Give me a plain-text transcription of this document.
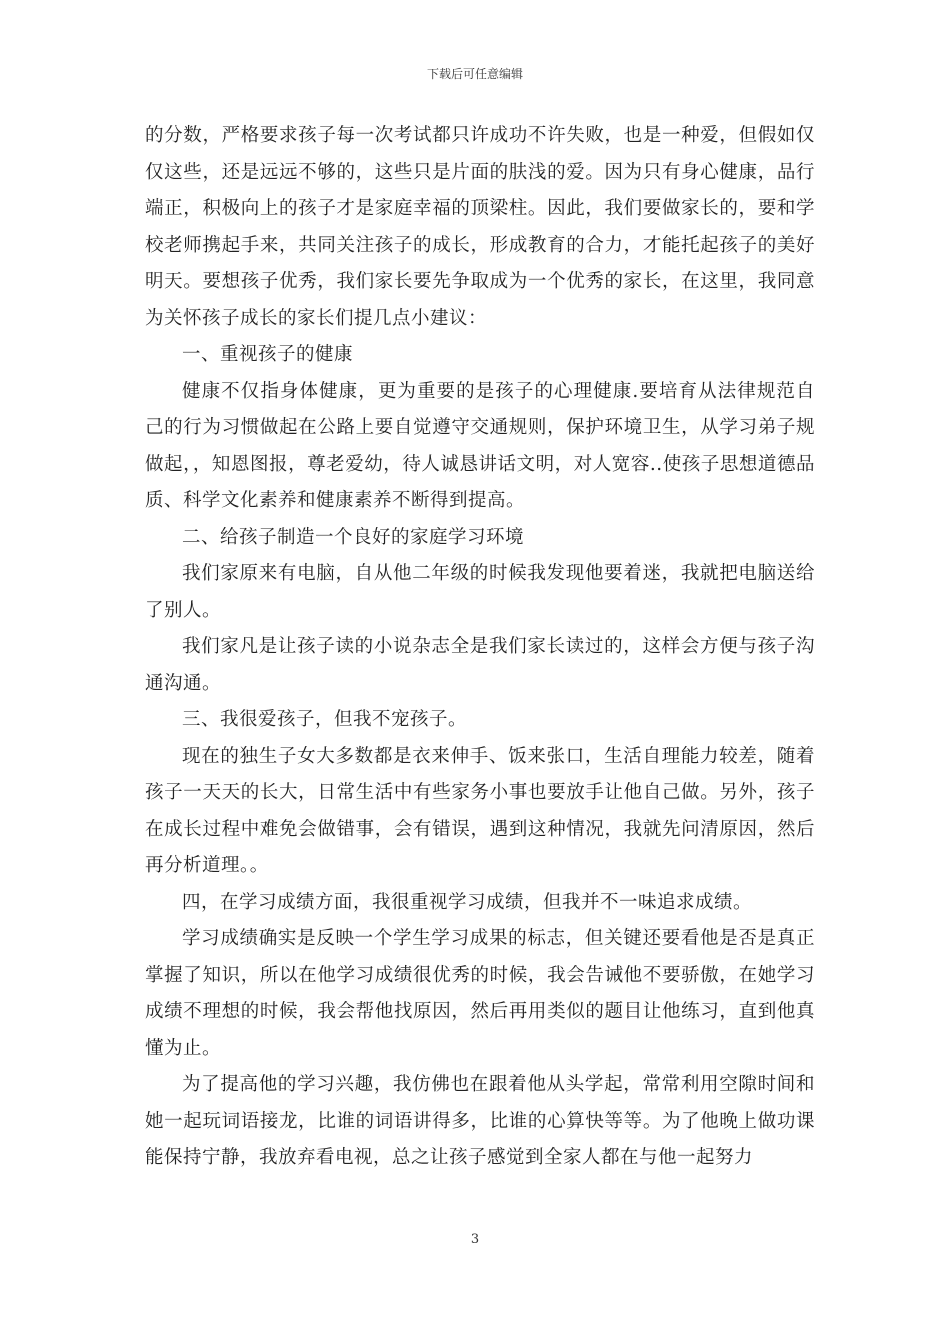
下载后可任意编辑

的分数，严格要求孩子每一次考试都只许成功不许失败，也是一种爱，但假如仅仅这些，还是远远不够的，这些只是片面的肤浅的爱。因为只有身心健康，品行端正，积极向上的孩子才是家庭幸福的顶梁柱。因此，我们要做家长的，要和学校老师携起手来，共同关注孩子的成长，形成教育的合力，才能托起孩子的美好明天。要想孩子优秀，我们家长要先争取成为一个优秀的家长，在这里，我同意为关怀孩子成长的家长们提几点小建议：

一、重视孩子的健康

健康不仅指身体健康，更为重要的是孩子的心理健康.要培育从法律规范自己的行为习惯做起在公路上要自觉遵守交通规则，保护环境卫生，从学习弟子规做起，，知恩图报，尊老爱幼，待人诚恳讲话文明，对人宽容..使孩子思想道德品质、科学文化素养和健康素养不断得到提高。

二、给孩子制造一个良好的家庭学习环境

我们家原来有电脑，自从他二年级的时候我发现他要着迷，我就把电脑送给了别人。

我们家凡是让孩子读的小说杂志全是我们家长读过的，这样会方便与孩子沟通沟通。

三、我很爱孩子，但我不宠孩子。

现在的独生子女大多数都是衣来伸手、饭来张口，生活自理能力较差，随着孩子一天天的长大，日常生活中有些家务小事也要放手让他自己做。另外，孩子在成长过程中难免会做错事，会有错误，遇到这种情况，我就先问清原因，然后再分析道理。。

四，在学习成绩方面，我很重视学习成绩，但我并不一味追求成绩。

学习成绩确实是反映一个学生学习成果的标志，但关键还要看他是否是真正掌握了知识，所以在他学习成绩很优秀的时候，我会告诫他不要骄傲，在她学习成绩不理想的时候，我会帮他找原因，然后再用类似的题目让他练习，直到他真懂为止。

为了提高他的学习兴趣，我仿佛也在跟着他从头学起，常常利用空隙时间和她一起玩词语接龙，比谁的词语讲得多，比谁的心算快等等。为了他晚上做功课能保持宁静，我放弃看电视，总之让孩子感觉到全家人都在与他一起努力

3
